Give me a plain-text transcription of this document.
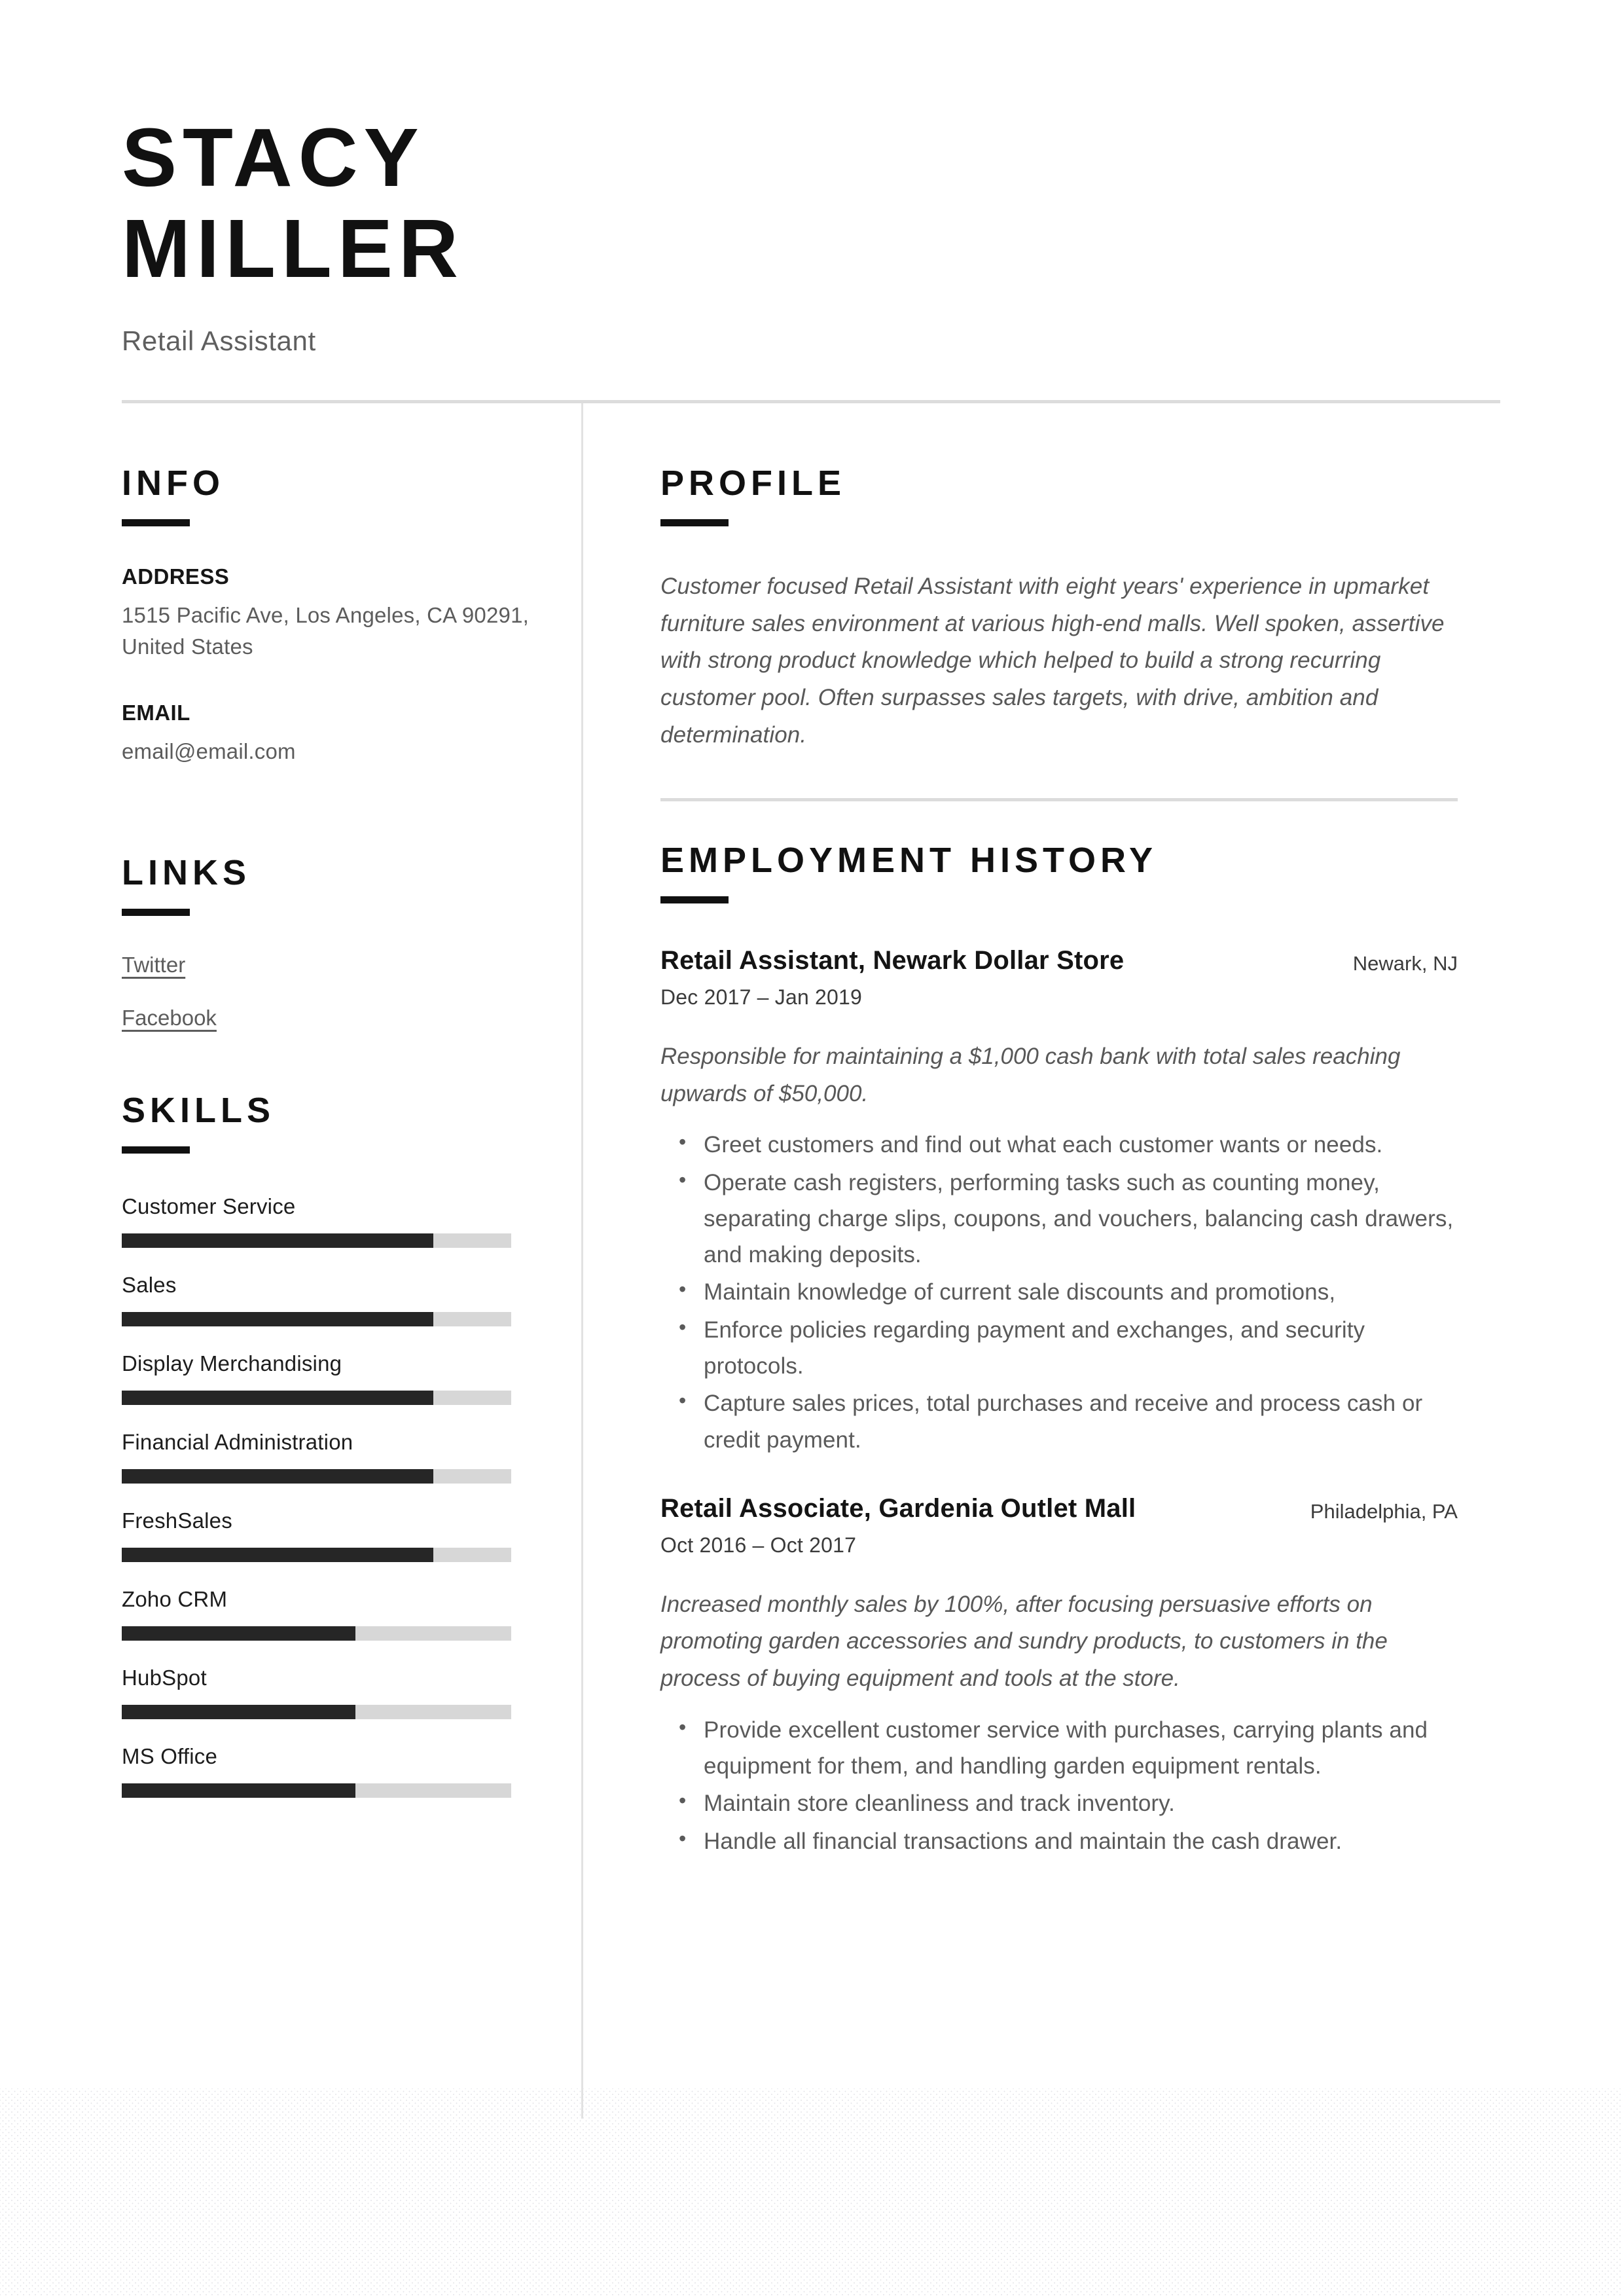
STACY
MILLER
Retail Assistant
INFO
ADDRESS
1515 Pacific Ave, Los Angeles, CA 90291, United States
EMAIL
email@email.com
LINKS
Twitter
Facebook
SKILLS
Customer Service
Sales
Display Merchandising
Financial Administration
FreshSales
Zoho CRM
HubSpot
MS Office
PROFILE

Customer focused Retail Assistant with eight years' experience in upmarket furniture sales environment at various high-end malls. Well spoken, assertive with strong product knowledge which helped to build a strong recurring customer pool. Often surpasses sales targets, with drive, ambition and determination.

EMPLOYMENT HISTORY
Retail Assistant, Newark Dollar Store	Newark, NJ
Dec 2017 – Jan 2019

Responsible for maintaining a $1,000 cash bank with total sales reaching upwards of $50,000.

• Greet customers and find out what each customer wants or needs.
• Operate cash registers, performing tasks such as counting money, separating charge slips, coupons, and vouchers, balancing cash drawers, and making deposits.
• Maintain knowledge of current sale discounts and promotions,
• Enforce policies regarding payment and exchanges, and security protocols.
• Capture sales prices, total purchases and receive and process cash or credit payment.
Retail Associate, Gardenia Outlet Mall	Philadelphia, PA
Oct 2016 – Oct 2017

Increased monthly sales by 100%, after focusing persuasive efforts on promoting garden accessories and sundry products, to customers in the process of buying equipment and tools at the store.

• Provide excellent customer service with purchases, carrying plants and equipment for them, and handling garden equipment rentals.
• Maintain store cleanliness and track inventory.
• Handle all financial transactions and maintain the cash drawer.
